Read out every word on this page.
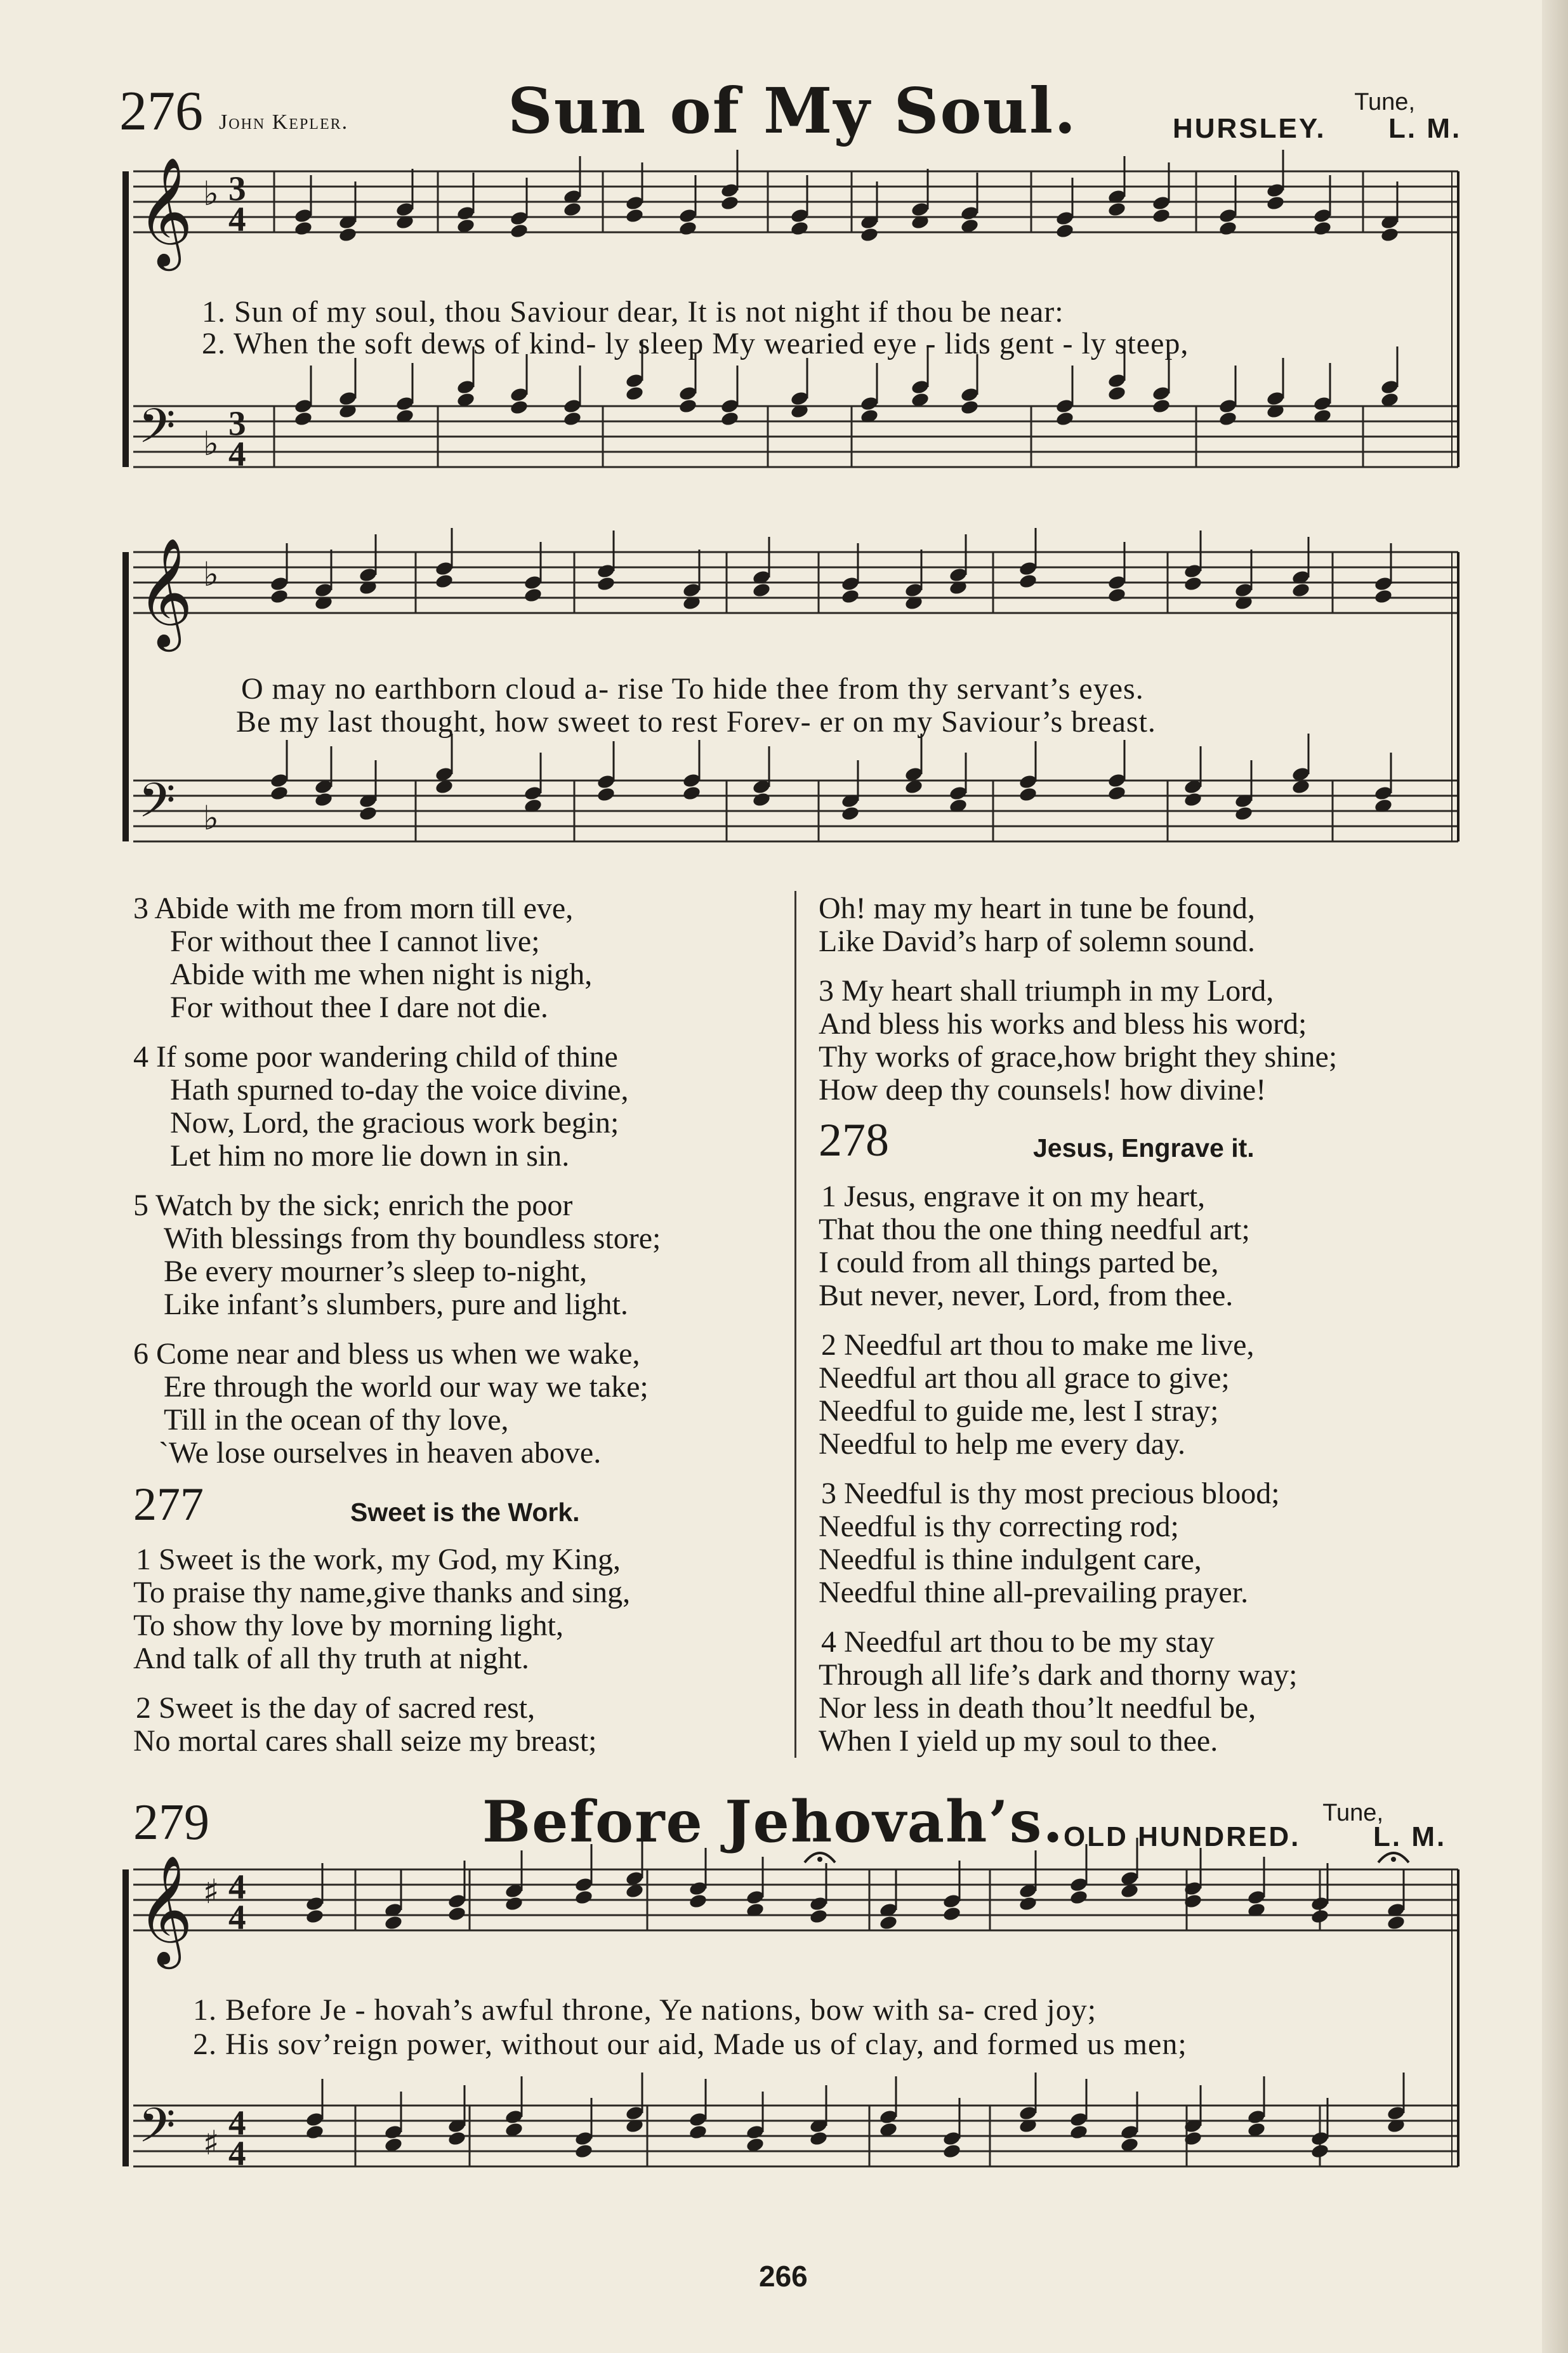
276 John Kepler.	Sun of My Soul.	Tune,
HURSLEY. L. M.
𝄞
𝄢
♭
♭
3
4
3
4
𝄞
𝄢
♭
♭
𝄞
𝄢
♯
♯
4
4
4
4
1. Sun of my soul, thou Saviour dear, It is not night if thou be near:
2. When the soft dews of kind- ly sleep My wearied eye - lids gent - ly steep,
O may no earthborn cloud a- rise To hide thee from thy servant’s eyes.
Be my last thought, how sweet to rest Forev- er on my Saviour’s breast.
3 Abide with me from morn till eve,
For without thee I cannot live;
Abide with me when night is nigh,
For without thee I dare not die.
4 If some poor wandering child of thine
Hath spurned to-day the voice divine,
Now, Lord, the gracious work begin;
Let him no more lie down in sin.
5 Watch by the sick; enrich the poor
With blessings from thy boundless store;
Be every mourner’s sleep to-night,
Like infant’s slumbers, pure and light.
6 Come near and bless us when we wake,
Ere through the world our way we take;
Till in the ocean of thy love,
`We lose ourselves in heaven above.
277	Sweet is the Work.
1 Sweet is the work, my God, my King,
To praise thy name,give thanks and sing,
To show thy love by morning light,
And talk of all thy truth at night.
2 Sweet is the day of sacred rest,
No mortal cares shall seize my breast;
Oh! may my heart in tune be found,
Like David’s harp of solemn sound.
3 My heart shall triumph in my Lord,
And bless his works and bless his word;
Thy works of grace,how bright they shine;
How deep thy counsels! how divine!
278	Jesus, Engrave it.
1 Jesus, engrave it on my heart,
That thou the one thing needful art;
I could from all things parted be,
But never, never, Lord, from thee.
2 Needful art thou to make me live,
Needful art thou all grace to give;
Needful to guide me, lest I stray;
Needful to help me every day.
3 Needful is thy most precious blood;
Needful is thy correcting rod;
Needful is thine indulgent care,
Needful thine all-prevailing prayer.
4 Needful art thou to be my stay
Through all life’s dark and thorny way;
Nor less in death thou’lt needful be,
When I yield up my soul to thee.
279	Before Jehovah’s.	Tune,
OLD HUNDRED.	L. M.
1. Before Je - hovah’s awful throne, Ye nations, bow with sa- cred joy;
2. His sov’reign power, without our aid, Made us of clay, and formed us men;
266
